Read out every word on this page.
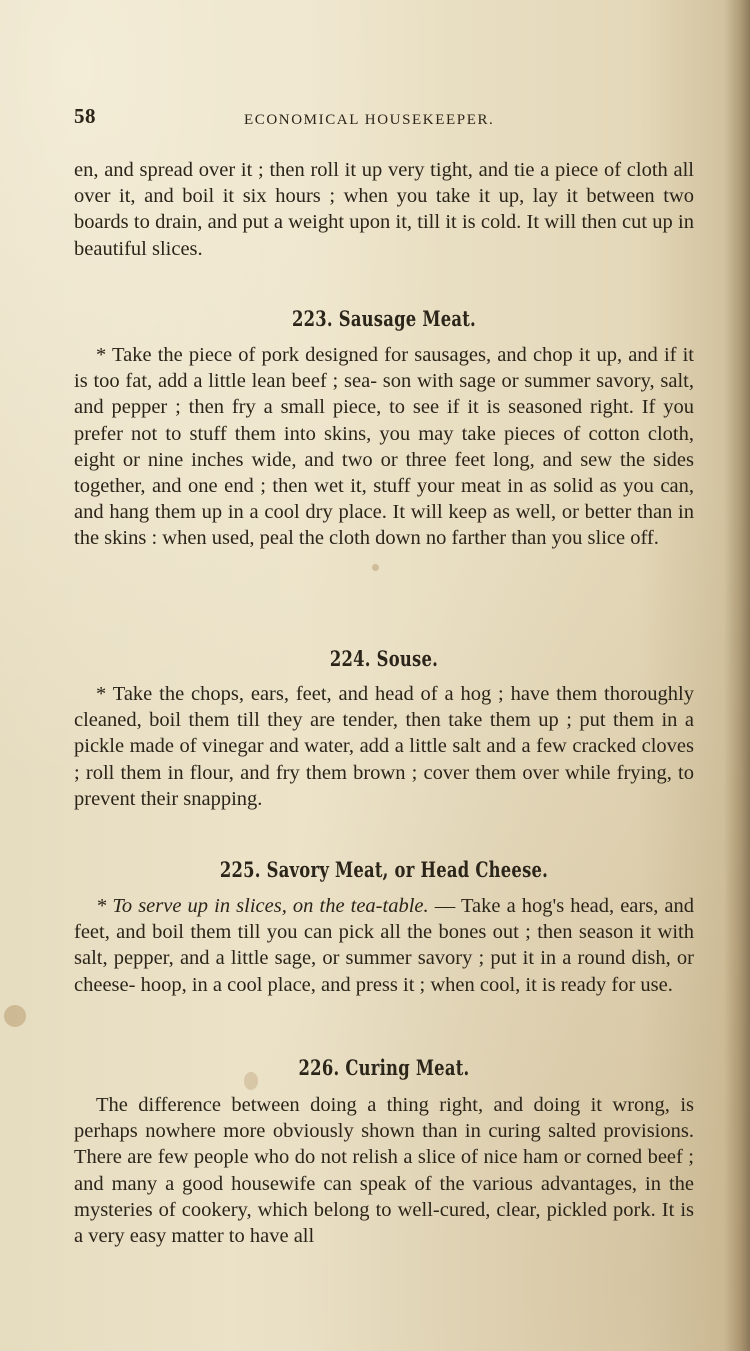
58	ECONOMICAL HOUSEKEEPER.

en, and spread over it ; then roll it up very tight, and tie a piece of cloth all over it, and boil it six hours ; when you take it up, lay it between two boards to drain, and put a weight upon it, till it is cold. It will then cut up in beautiful slices.

223. Sausage Meat.

* Take the piece of pork designed for sausages, and chop it up, and if it is too fat, add a little lean beef ; sea- son with sage or summer savory, salt, and pepper ; then fry a small piece, to see if it is seasoned right. If you prefer not to stuff them into skins, you may take pieces of cotton cloth, eight or nine inches wide, and two or three feet long, and sew the sides together, and one end ; then wet it, stuff your meat in as solid as you can, and hang them up in a cool dry place. It will keep as well, or better than in the skins : when used, peal the cloth down no farther than you slice off.

224. Souse.

* Take the chops, ears, feet, and head of a hog ; have them thoroughly cleaned, boil them till they are tender, then take them up ; put them in a pickle made of vinegar and water, add a little salt and a few cracked cloves ; roll them in flour, and fry them brown ; cover them over while frying, to prevent their snapping.

225. Savory Meat, or Head Cheese.

* To serve up in slices, on the tea-table. — Take a hog's head, ears, and feet, and boil them till you can pick all the bones out ; then season it with salt, pepper, and a little sage, or summer savory ; put it in a round dish, or cheese- hoop, in a cool place, and press it ; when cool, it is ready for use.

226. Curing Meat.

The difference between doing a thing right, and doing it wrong, is perhaps nowhere more obviously shown than in curing salted provisions. There are few people who do not relish a slice of nice ham or corned beef ; and many a good housewife can speak of the various advantages, in the mysteries of cookery, which belong to well-cured, clear, pickled pork. It is a very easy matter to have all
